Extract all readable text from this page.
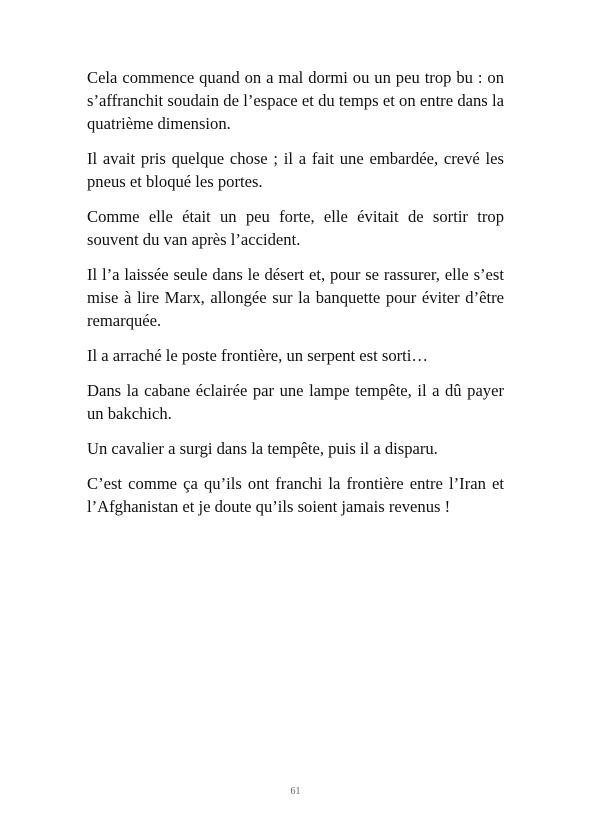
Cela commence quand on a mal dormi ou un peu trop bu : on s’affranchit soudain de l’espace et du temps et on entre dans la quatrième dimension.

Il avait pris quelque chose ; il a fait une embardée, crevé les pneus et bloqué les portes.

Comme elle était un peu forte, elle évitait de sortir trop souvent du van après l’accident.

Il l’a laissée seule dans le désert et, pour se rassurer, elle s’est mise à lire Marx, allongée sur la banquette pour éviter d’être remarquée.

Il a arraché le poste frontière, un serpent est sorti…

Dans la cabane éclairée par une lampe tempête, il a dû payer un bakchich.

Un cavalier a surgi dans la tempête, puis il a disparu.

C’est comme ça qu’ils ont franchi la frontière entre l’Iran et l’Afghanistan et je doute qu’ils soient jamais revenus !

61
